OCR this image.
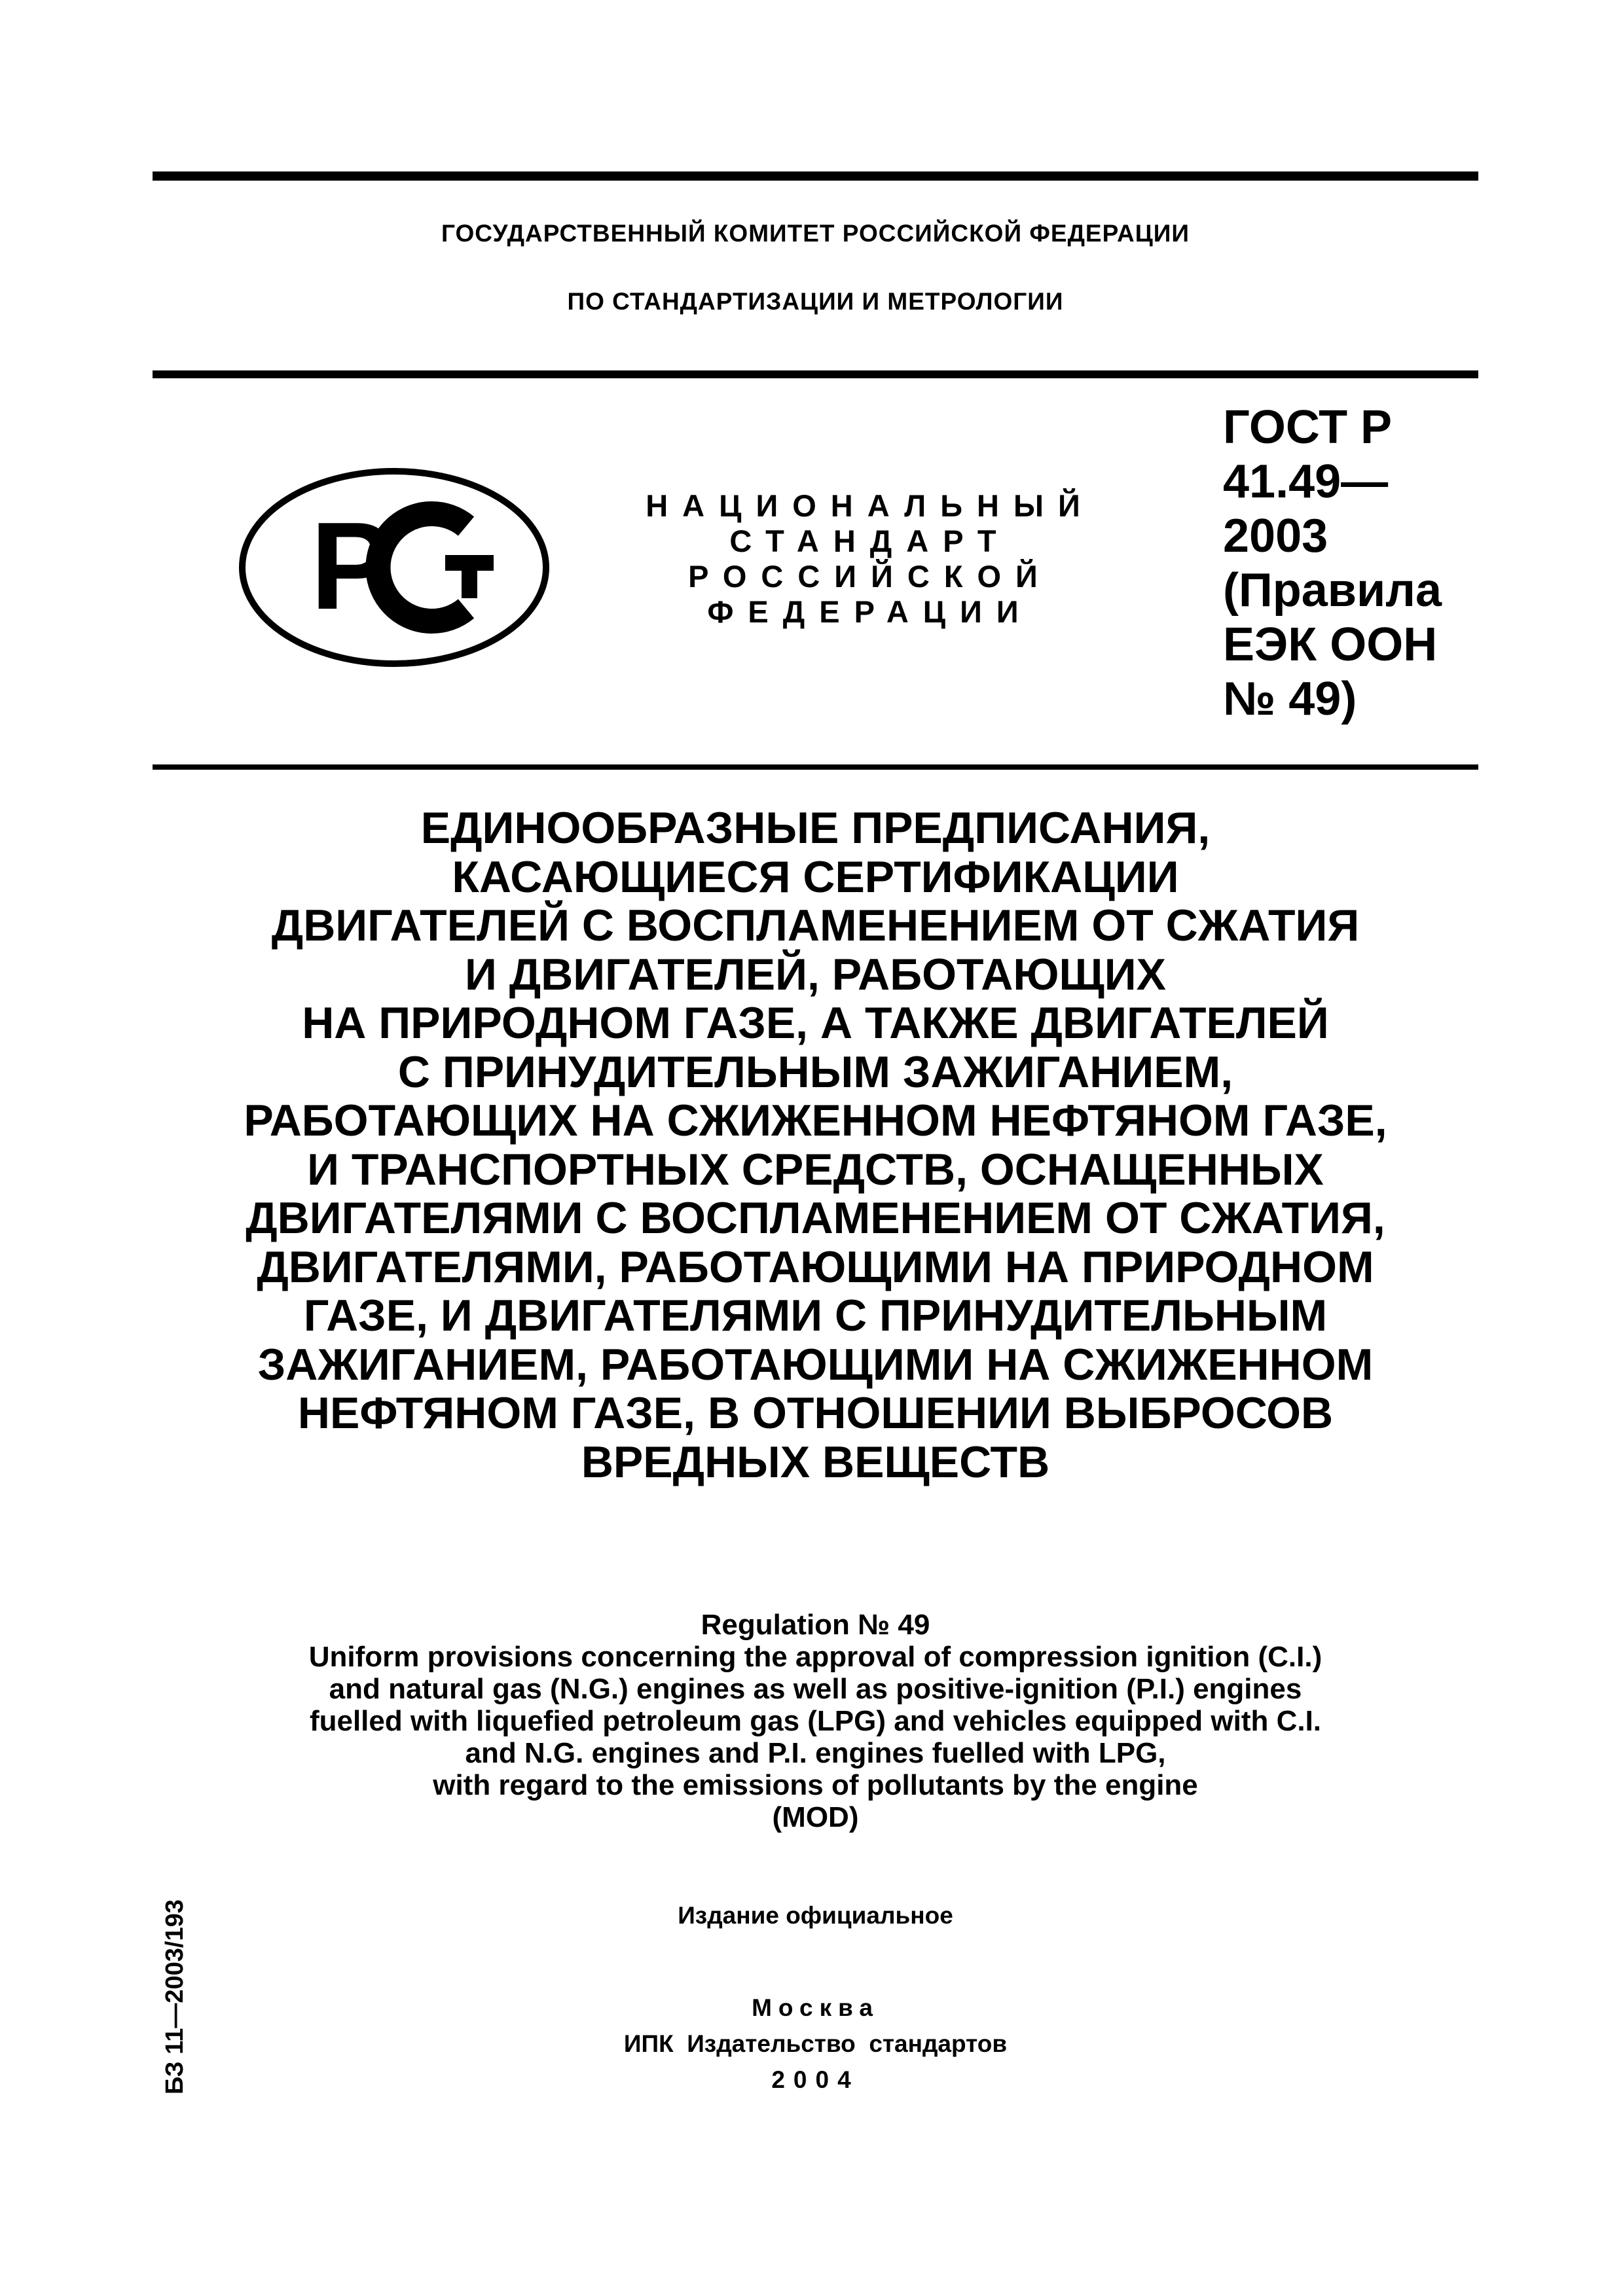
ГОСУДАРСТВЕННЫЙ КОМИТЕТ РОССИЙСКОЙ ФЕДЕРАЦИИ
ПО СТАНДАРТИЗАЦИИ И МЕТРОЛОГИИ
P	НАЦИОНАЛЬНЫЙ
СТАНДАРТ
РОССИЙСКОЙ
ФЕДЕРАЦИИ
ГОСТ Р
41.49—
2003
(Правила
ЕЭК ООН
№ 49)
ЕДИНООБРАЗНЫЕ ПРЕДПИСАНИЯ,
КАСАЮЩИЕСЯ СЕРТИФИКАЦИИ
ДВИГАТЕЛЕЙ С ВОСПЛАМЕНЕНИЕМ ОТ СЖАТИЯ
И ДВИГАТЕЛЕЙ, РАБОТАЮЩИХ
НА ПРИРОДНОМ ГАЗЕ, А ТАКЖЕ ДВИГАТЕЛЕЙ
С ПРИНУДИТЕЛЬНЫМ ЗАЖИГАНИЕМ,
РАБОТАЮЩИХ НА СЖИЖЕННОМ НЕФТЯНОМ ГАЗЕ,
И ТРАНСПОРТНЫХ СРЕДСТВ, ОСНАЩЕННЫХ
ДВИГАТЕЛЯМИ С ВОСПЛАМЕНЕНИЕМ ОТ СЖАТИЯ,
ДВИГАТЕЛЯМИ, РАБОТАЮЩИМИ НА ПРИРОДНОМ
ГАЗЕ, И ДВИГАТЕЛЯМИ С ПРИНУДИТЕЛЬНЫМ
ЗАЖИГАНИЕМ, РАБОТАЮЩИМИ НА СЖИЖЕННОМ
НЕФТЯНОМ ГАЗЕ, В ОТНОШЕНИИ ВЫБРОСОВ
ВРЕДНЫХ ВЕЩЕСТВ
Regulation № 49
Uniform provisions concerning the approval of compression ignition (C.I.)
and natural gas (N.G.) engines as well as positive-ignition (P.I.) engines
fuelled with liquefied petroleum gas (LPG) and vehicles equipped with C.I.
and N.G. engines and P.I. engines fuelled with LPG,
with regard to the emissions of pollutants by the engine
(MOD)
Издание официальное
Москва
ИПК  Издательство  стандартов
2004
БЗ 11—2003/193
